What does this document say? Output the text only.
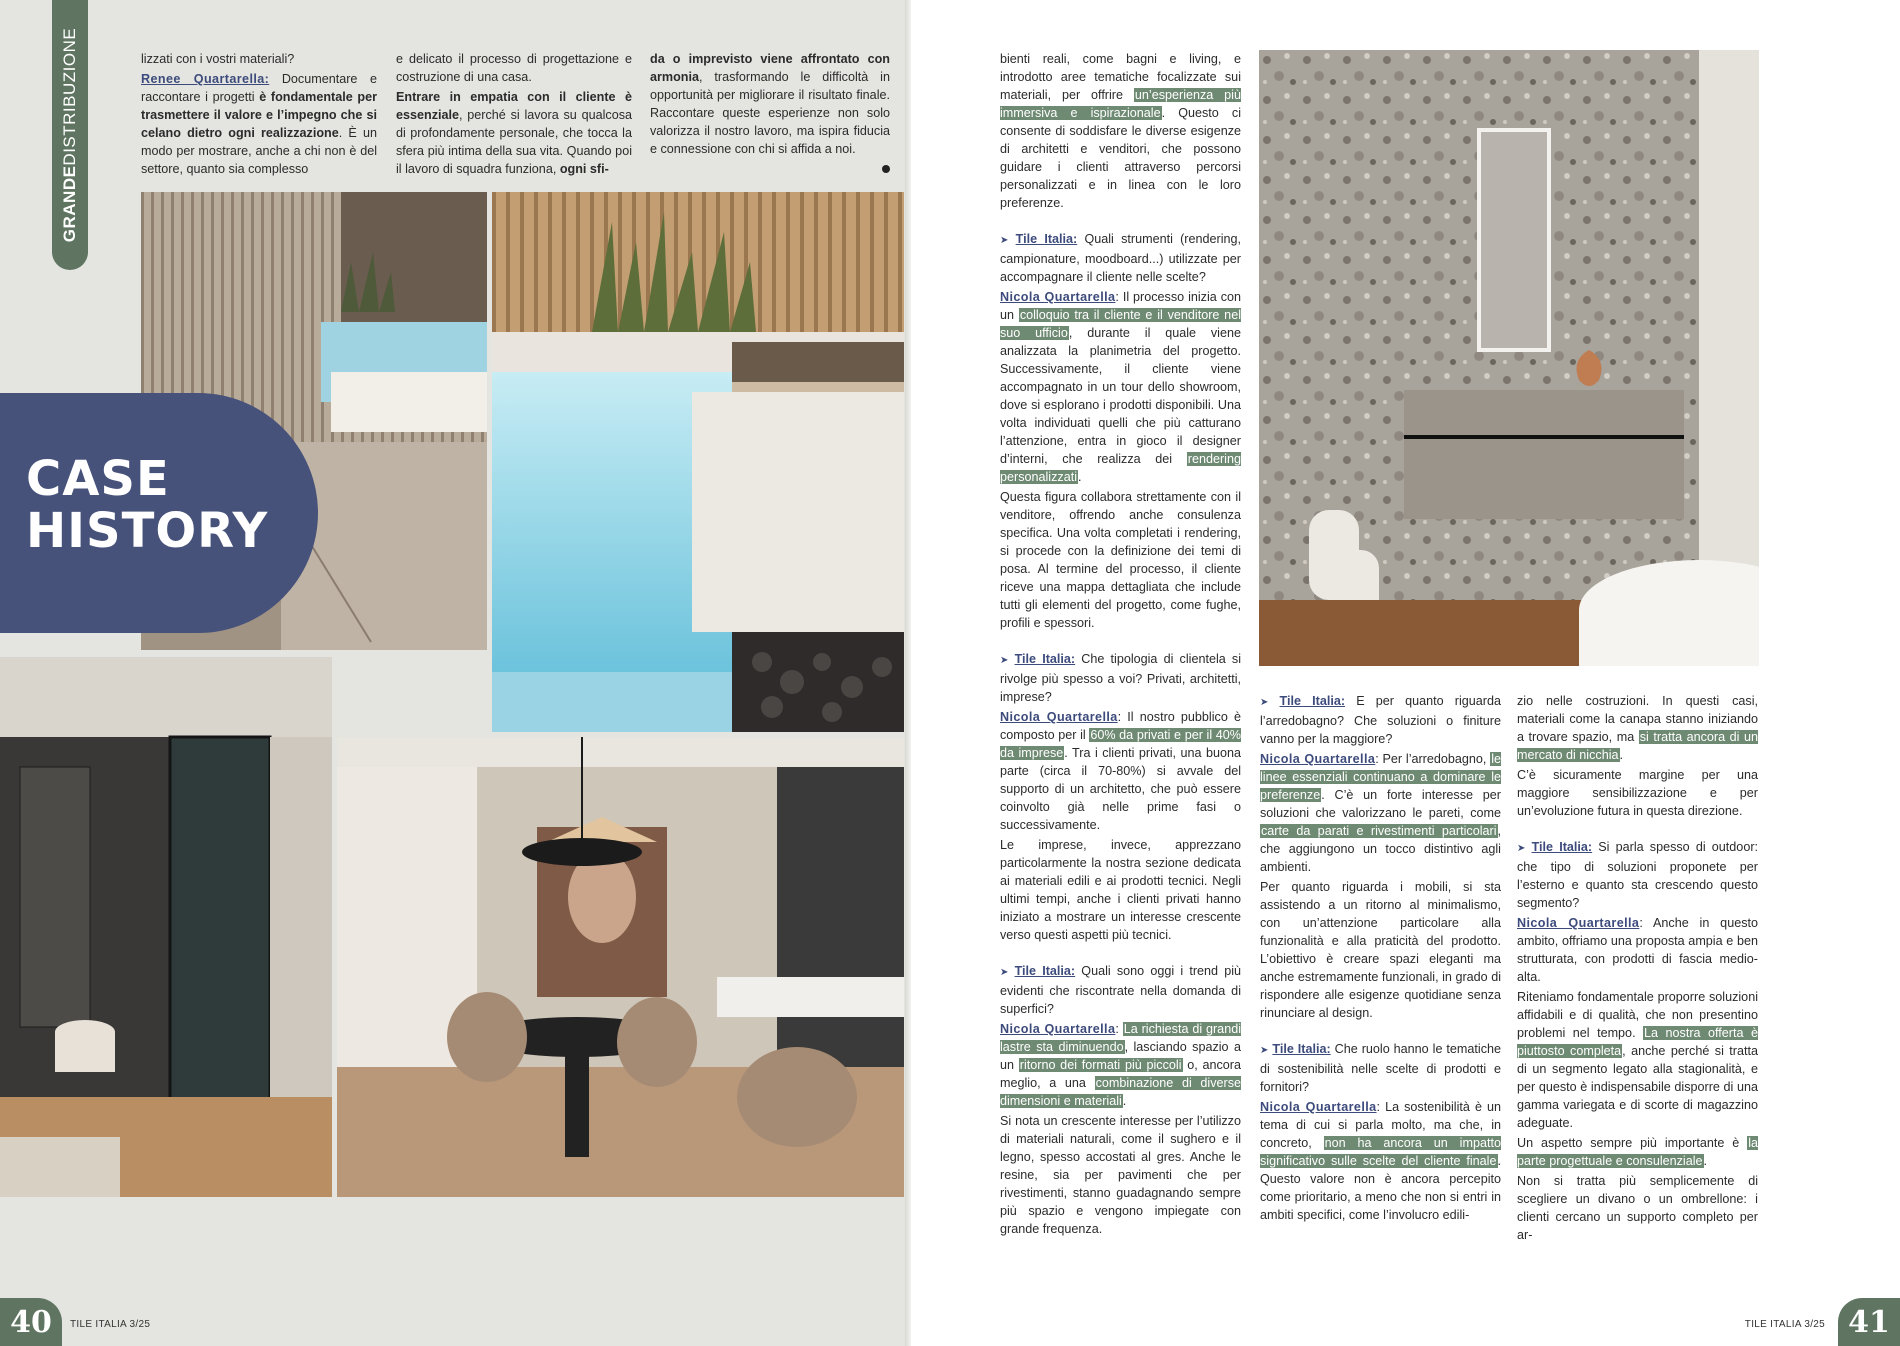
GRANDEDISTRIBUZIONE	lizzati con i vostri materiali?

Renee Quartarella: Documentare e raccontare i progetti è fondamentale per trasmettere il valore e l’impegno che si celano dietro ogni realizzazione. È un modo per mostrare, anche a chi non è del settore, quanto sia complesso

e delicato il processo di progettazione e costruzione di una casa.

Entrare in empatia con il cliente è essenziale, perché si lavora su qualcosa di profondamente personale, che tocca la sfera più intima della sua vita. Quando poi il lavoro di squadra funziona, ogni sfi-

da o imprevisto viene affrontato con armonia, trasformando le difficoltà in opportunità per migliorare il risultato finale. Raccontare queste esperienze non solo valorizza il nostro lavoro, ma ispira fiducia e connessione con chi si affida a noi.

CASE
HISTORY
40	TILE ITALIA 3/25

bienti reali, come bagni e living, e introdotto aree tematiche focalizzate sui materiali, per offrire un’esperienza più immersiva e ispirazionale. Questo ci consente di soddisfare le diverse esigenze di architetti e venditori, che possono guidare i clienti attraverso percorsi personalizzati e in linea con le loro preferenze.

➤ Tile Italia: Quali strumenti (rendering, campionature, moodboard...) utilizzate per accompagnare il cliente nelle scelte?

Nicola Quartarella: Il processo inizia con un colloquio tra il cliente e il venditore nel suo ufficio, durante il quale viene analizzata la planimetria del progetto. Successivamente, il cliente viene accompagnato in un tour dello showroom, dove si esplorano i prodotti disponibili. Una volta individuati quelli che più catturano l’attenzione, entra in gioco il designer d’interni, che realizza dei rendering personalizzati.

Questa figura collabora strettamente con il venditore, offrendo anche consulenza specifica. Una volta completati i rendering, si procede con la definizione dei temi di posa. Al termine del processo, il cliente riceve una mappa dettagliata che include tutti gli elementi del progetto, come fughe, profili e spessori.

➤ Tile Italia: Che tipologia di clientela si rivolge più spesso a voi? Privati, architetti, imprese?

Nicola Quartarella: Il nostro pubblico è composto per il 60% da privati e per il 40% da imprese. Tra i clienti privati, una buona parte (circa il 70-80%) si avvale del supporto di un architetto, che può essere coinvolto già nelle prime fasi o successivamente.

Le imprese, invece, apprezzano particolarmente la nostra sezione dedicata ai materiali edili e ai prodotti tecnici. Negli ultimi tempi, anche i clienti privati hanno iniziato a mostrare un interesse crescente verso questi aspetti più tecnici.

➤ Tile Italia: Quali sono oggi i trend più evidenti che riscontrate nella domanda di superfici?

Nicola Quartarella: La richiesta di grandi lastre sta diminuendo, lasciando spazio a un ritorno dei formati più piccoli o, ancora meglio, a una combinazione di diverse dimensioni e materiali.

Si nota un crescente interesse per l’utilizzo di materiali naturali, come il sughero e il legno, spesso accostati al gres. Anche le resine, sia per pavimenti che per rivestimenti, stanno guadagnando sempre più spazio e vengono impiegate con grande frequenza.

➤ Tile Italia: E per quanto riguarda l’arredobagno? Che soluzioni o finiture vanno per la maggiore?

Nicola Quartarella: Per l’arredobagno, le linee essenziali continuano a dominare le preferenze. C’è un forte interesse per soluzioni che valorizzano le pareti, come carte da parati e rivestimenti particolari, che aggiungono un tocco distintivo agli ambienti.

Per quanto riguarda i mobili, si sta assistendo a un ritorno al minimalismo, con un’attenzione particolare alla funzionalità e alla praticità del prodotto. L’obiettivo è creare spazi eleganti ma anche estremamente funzionali, in grado di rispondere alle esigenze quotidiane senza rinunciare al design.

➤ Tile Italia: Che ruolo hanno le tematiche di sostenibilità nelle scelte di prodotti e fornitori?

Nicola Quartarella: La sostenibilità è un tema di cui si parla molto, ma che, in concreto, non ha ancora un impatto significativo sulle scelte del cliente finale. Questo valore non è ancora percepito come prioritario, a meno che non si entri in ambiti specifici, come l’involucro edili-

zio nelle costruzioni. In questi casi, materiali come la canapa stanno iniziando a trovare spazio, ma si tratta ancora di un mercato di nicchia.

C’è sicuramente margine per una maggiore sensibilizzazione e per un’evoluzione futura in questa direzione.

➤ Tile Italia: Si parla spesso di outdoor: che tipo di soluzioni proponete per l’esterno e quanto sta crescendo questo segmento?

Nicola Quartarella: Anche in questo ambito, offriamo una proposta ampia e ben strutturata, con prodotti di fascia medio-alta.

Riteniamo fondamentale proporre soluzioni affidabili e di qualità, che non presentino problemi nel tempo. La nostra offerta è piuttosto completa, anche perché si tratta di un segmento legato alla stagionalità, e per questo è indispensabile disporre di una gamma variegata e di scorte di magazzino adeguate.

Un aspetto sempre più importante è la parte progettuale e consulenziale.

Non si tratta più semplicemente di scegliere un divano o un ombrellone: i clienti cercano un supporto completo per ar-

TILE ITALIA 3/25 41
